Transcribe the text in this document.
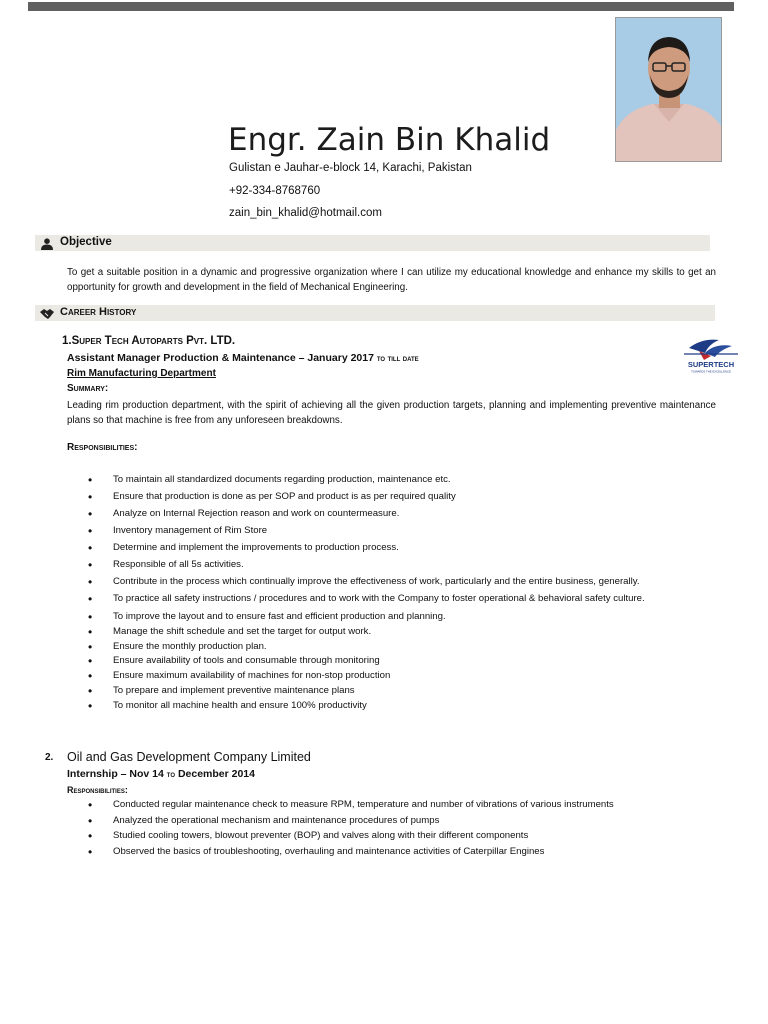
Engr. Zain Bin Khalid
Gulistan e Jauhar-e-block 14, Karachi, Pakistan
+92-334-8768760
zain_bin_khalid@hotmail.com
Objective
To get a suitable position in a dynamic and progressive organization where I can utilize my educational knowledge and enhance my skills to get an opportunity for growth and development in the field of Mechanical Engineering.
Career History
1.Super Tech Autoparts Pvt. LTD.
Assistant Manager Production & Maintenance – January 2017 to till date
Rim Manufacturing Department
Summary:
Leading rim production department, with the spirit of achieving all the given production targets, planning and implementing preventive maintenance plans so that machine is free from any unforeseen breakdowns.
Responsibilities:
SUPERTECH
TOWARDS THE EXCELLENCE
• To maintain all standardized documents regarding production, maintenance etc.
• Ensure that production is done as per SOP and product is as per required quality
• Analyze on Internal Rejection reason and work on countermeasure.
• Inventory management of Rim Store
• Determine and implement the improvements to production process.
• Responsible of all 5s activities.
• Contribute in the process which continually improve the effectiveness of work, particularly and the entire business, generally.
• To practice all safety instructions / procedures and to work with the Company to foster operational & behavioral safety culture.
• To improve the layout and to ensure fast and efficient production and planning.
• Manage the shift schedule and set the target for output work.
• Ensure the monthly production plan.
• Ensure availability of tools and consumable through monitoring
• Ensure maximum availability of machines for non-stop production
• To prepare and implement preventive maintenance plans
• To monitor all machine health and ensure 100% productivity
2. Oil and Gas Development Company Limited
Internship – Nov 14 to December 2014
Responsibilities:
• Conducted regular maintenance check to measure RPM, temperature and number of vibrations of various instruments
• Analyzed the operational mechanism and maintenance procedures of pumps
• Studied cooling towers, blowout preventer (BOP) and valves along with their different components
• Observed the basics of troubleshooting, overhauling and maintenance activities of Caterpillar Engines
